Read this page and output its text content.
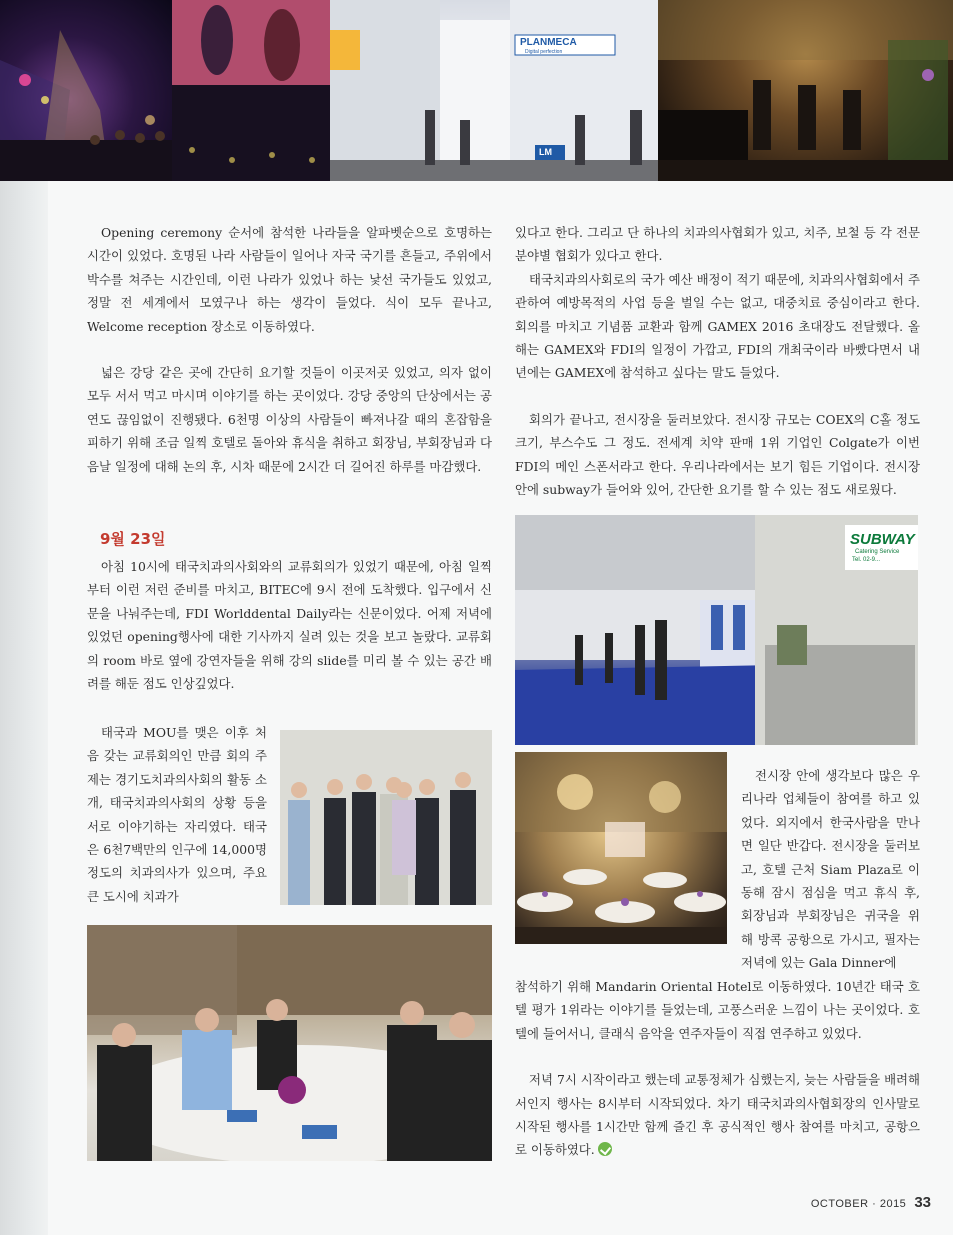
PLANMECA
Digital perfection
LM

Opening ceremony 순서에 참석한 나라들을 알파벳순으로 호명하는 시간이 있었다. 호명된 나라 사람들이 일어나 자국 국기를 흔들고, 주위에서 박수를 쳐주는 시간인데, 이런 나라가 있었나 하는 낯선 국가들도 있었고, 정말 전 세계에서 모였구나 하는 생각이 들었다. 식이 모두 끝나고, Welcome reception 장소로 이동하였다.

넓은 강당 같은 곳에 간단히 요기할 것들이 이곳저곳 있었고, 의자 없이 모두 서서 먹고 마시며 이야기를 하는 곳이었다. 강당 중앙의 단상에서는 공연도 끊임없이 진행됐다. 6천명 이상의 사람들이 빠져나갈 때의 혼잡함을 피하기 위해 조금 일찍 호텔로 돌아와 휴식을 취하고 회장님, 부회장님과 다음날 일정에 대해 논의 후, 시차 때문에 2시간 더 길어진 하루를 마감했다.

9월 23일

아침 10시에 태국치과의사회와의 교류회의가 있었기 때문에, 아침 일찍부터 이런 저런 준비를 마치고, BITEC에 9시 전에 도착했다. 입구에서 신문을 나눠주는데, FDI Worlddental Daily라는 신문이었다. 어제 저녁에 있었던 opening행사에 대한 기사까지 실려 있는 것을 보고 놀랐다. 교류회의 room 바로 옆에 강연자들을 위해 강의 slide를 미리 볼 수 있는 공간 배려를 해둔 점도 인상깊었다.

태국과 MOU를 맺은 이후 처음 갖는 교류회의인 만큼 회의 주제는 경기도치과의사회의 활동 소개, 태국치과의사회의 상황 등을 서로 이야기하는 자리였다. 태국은 6천7백만의 인구에 14,000명 정도의 치과의사가 있으며, 주요 큰 도시에 치과가

있다고 한다. 그리고 단 하나의 치과의사협회가 있고, 치주, 보철 등 각 전문 분야별 협회가 있다고 한다.

태국치과의사회로의 국가 예산 배정이 적기 때문에, 치과의사협회에서 주관하여 예방목적의 사업 등을 벌일 수는 없고, 대중치료 중심이라고 한다. 회의를 마치고 기념품 교환과 함께 GAMEX 2016 초대장도 전달했다. 올해는 GAMEX와 FDI의 일정이 가깝고, FDI의 개최국이라 바빴다면서 내년에는 GAMEX에 참석하고 싶다는 말도 들었다.

회의가 끝나고, 전시장을 둘러보았다. 전시장 규모는 COEX의 C홀 정도 크기, 부스수도 그 정도. 전세계 치약 판매 1위 기업인 Colgate가 이번 FDI의 메인 스폰서라고 한다. 우리나라에서는 보기 힘든 기업이다. 전시장 안에 subway가 들어와 있어, 간단한 요기를 할 수 있는 점도 새로웠다.

SUBWAY
Catering Service
Tel. 02-9...

전시장 안에 생각보다 많은 우리나라 업체들이 참여를 하고 있었다. 외지에서 한국사람을 만나면 일단 반갑다. 전시장을 둘러보고, 호텔 근처 Siam Plaza로 이동해 잠시 점심을 먹고 휴식 후, 회장님과 부회장님은 귀국을 위해 방콕 공항으로 가시고, 필자는 저녁에 있는 Gala Dinner에

참석하기 위해 Mandarin Oriental Hotel로 이동하였다. 10년간 태국 호텔 평가 1위라는 이야기를 들었는데, 고풍스러운 느낌이 나는 곳이었다. 호텔에 들어서니, 클래식 음악을 연주자들이 직접 연주하고 있었다.

저녁 7시 시작이라고 했는데 교통정체가 심했는지, 늦는 사람들을 배려해서인지 행사는 8시부터 시작되었다. 차기 태국치과의사협회장의 인사말로 시작된 행사를 1시간만 함께 즐긴 후 공식적인 행사 참여를 마치고, 공항으로 이동하였다.

OCTOBER · 2015 33
